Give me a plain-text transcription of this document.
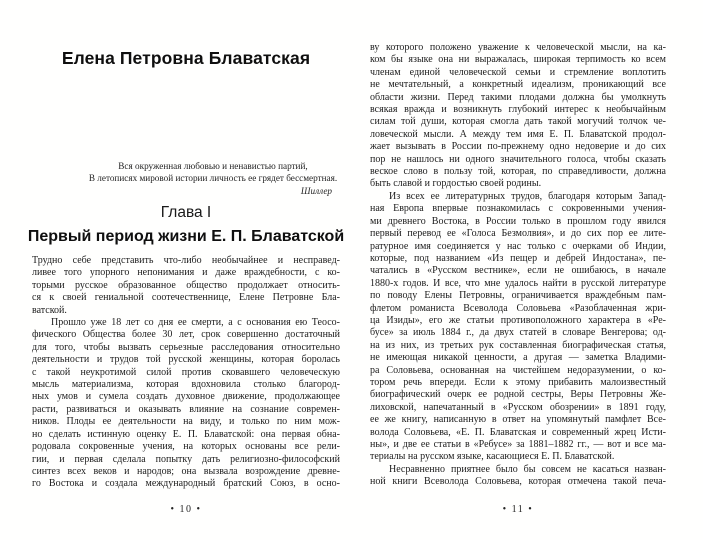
Елена Петровна Блаватская
Вся окруженная любовью и ненавистью партий,
В летописях мировой истории личность ее грядет бессмертная.
Шиллер
Глава I
Первый период жизни Е. П. Блаватской
Трудно себе представить что-либо необычайнее и несправед-
ливее того упорного непонимания и даже враждебности, с ко-
торыми русское образованное общество продолжает относить-
ся к своей гениальной соотечественнице, Елене Петровне Бла-
ватской.
Прошло уже 18 лет со дня ее смерти, а с основания ею Теосо-
фического Общества более 30 лет, срок совершенно достаточный
для того, чтобы вызвать серьезные расследования относительно
деятельности и трудов той русской женщины, которая боролась
с такой неукротимой силой против сковавшего человеческую
мысль материализма, которая вдохновила столько благород-
ных умов и сумела создать духовное движение, продолжающее
расти, развиваться и оказывать влияние на сознание современ-
ников. Плоды ее деятельности на виду, и только по ним мож-
но сделать истинную оценку Е. П. Блаватской: она первая обна-
родовала сокровенные учения, на которых основаны все рели-
гии, и первая сделала попытку дать религиозно-философский
синтез всех веков и народов; она вызвала возрождение древне-
го Востока и создала международный братский Союз, в осно-
ву которого положено уважение к человеческой мысли, на ка-
ком бы языке она ни выражалась, широкая терпимость ко всем
членам единой человеческой семьи и стремление воплотить
не мечтательный, а конкретный идеализм, проникающий все
области жизни. Перед такими плодами должна бы умолкнуть
всякая вражда и возникнуть глубокий интерес к необычайным
силам той души, которая смогла дать такой могучий толчок че-
ловеческой мысли. А между тем имя Е. П. Блаватской продол-
жает вызывать в России по-прежнему одно недоверие и до сих
пор не нашлось ни одного значительного голоса, чтобы сказать
веское слово в пользу той, которая, по справедливости, должна
быть славой и гордостью своей родины.
Из всех ее литературных трудов, благодаря которым Запад-
ная Европа впервые познакомилась с сокровенными учения-
ми древнего Востока, в России только в прошлом году явился
первый перевод ее «Голоса Безмолвия», и до сих пор ее лите-
ратурное имя соединяется у нас только с очерками об Индии,
которые, под названием «Из пещер и дебрей Индостана», пе-
чатались в «Русском вестнике», если не ошибаюсь, в начале
1880-х годов. И все, что мне удалось найти в русской литературе
по поводу Елены Петровны, ограничивается враждебным пам-
флетом романиста Всеволода Соловьева «Разоблаченная жри-
ца Изиды», его же статьи противоположного характера в «Ре-
бусе» за июль 1884 г., да двух статей в словаре Венгерова; од-
на из них, из третьих рук составленная биографическая статья,
не имеющая никакой ценности, а другая — заметка Владими-
ра Соловьева, основанная на чистейшем недоразумении, о ко-
тором речь впереди. Если к этому прибавить малоизвестный
биографический очерк ее родной сестры, Веры Петровны Же-
лиховской, напечатанный в «Русском обозрении» в 1891 году,
ее же книгу, написанную в ответ на упомянутый памфлет Все-
волода Соловьева, «Е. П. Блаватская и современный жрец Исти-
ны», и две ее статьи в «Ребусе» за 1881–1882 гг., — вот и все ма-
териалы на русском языке, касающиеся Е. П. Блаватской.
Несравненно приятнее было бы совсем не касаться назван-
ной книги Всеволода Соловьева, которая отмечена такой печа-
• 10 •	• 11 •
